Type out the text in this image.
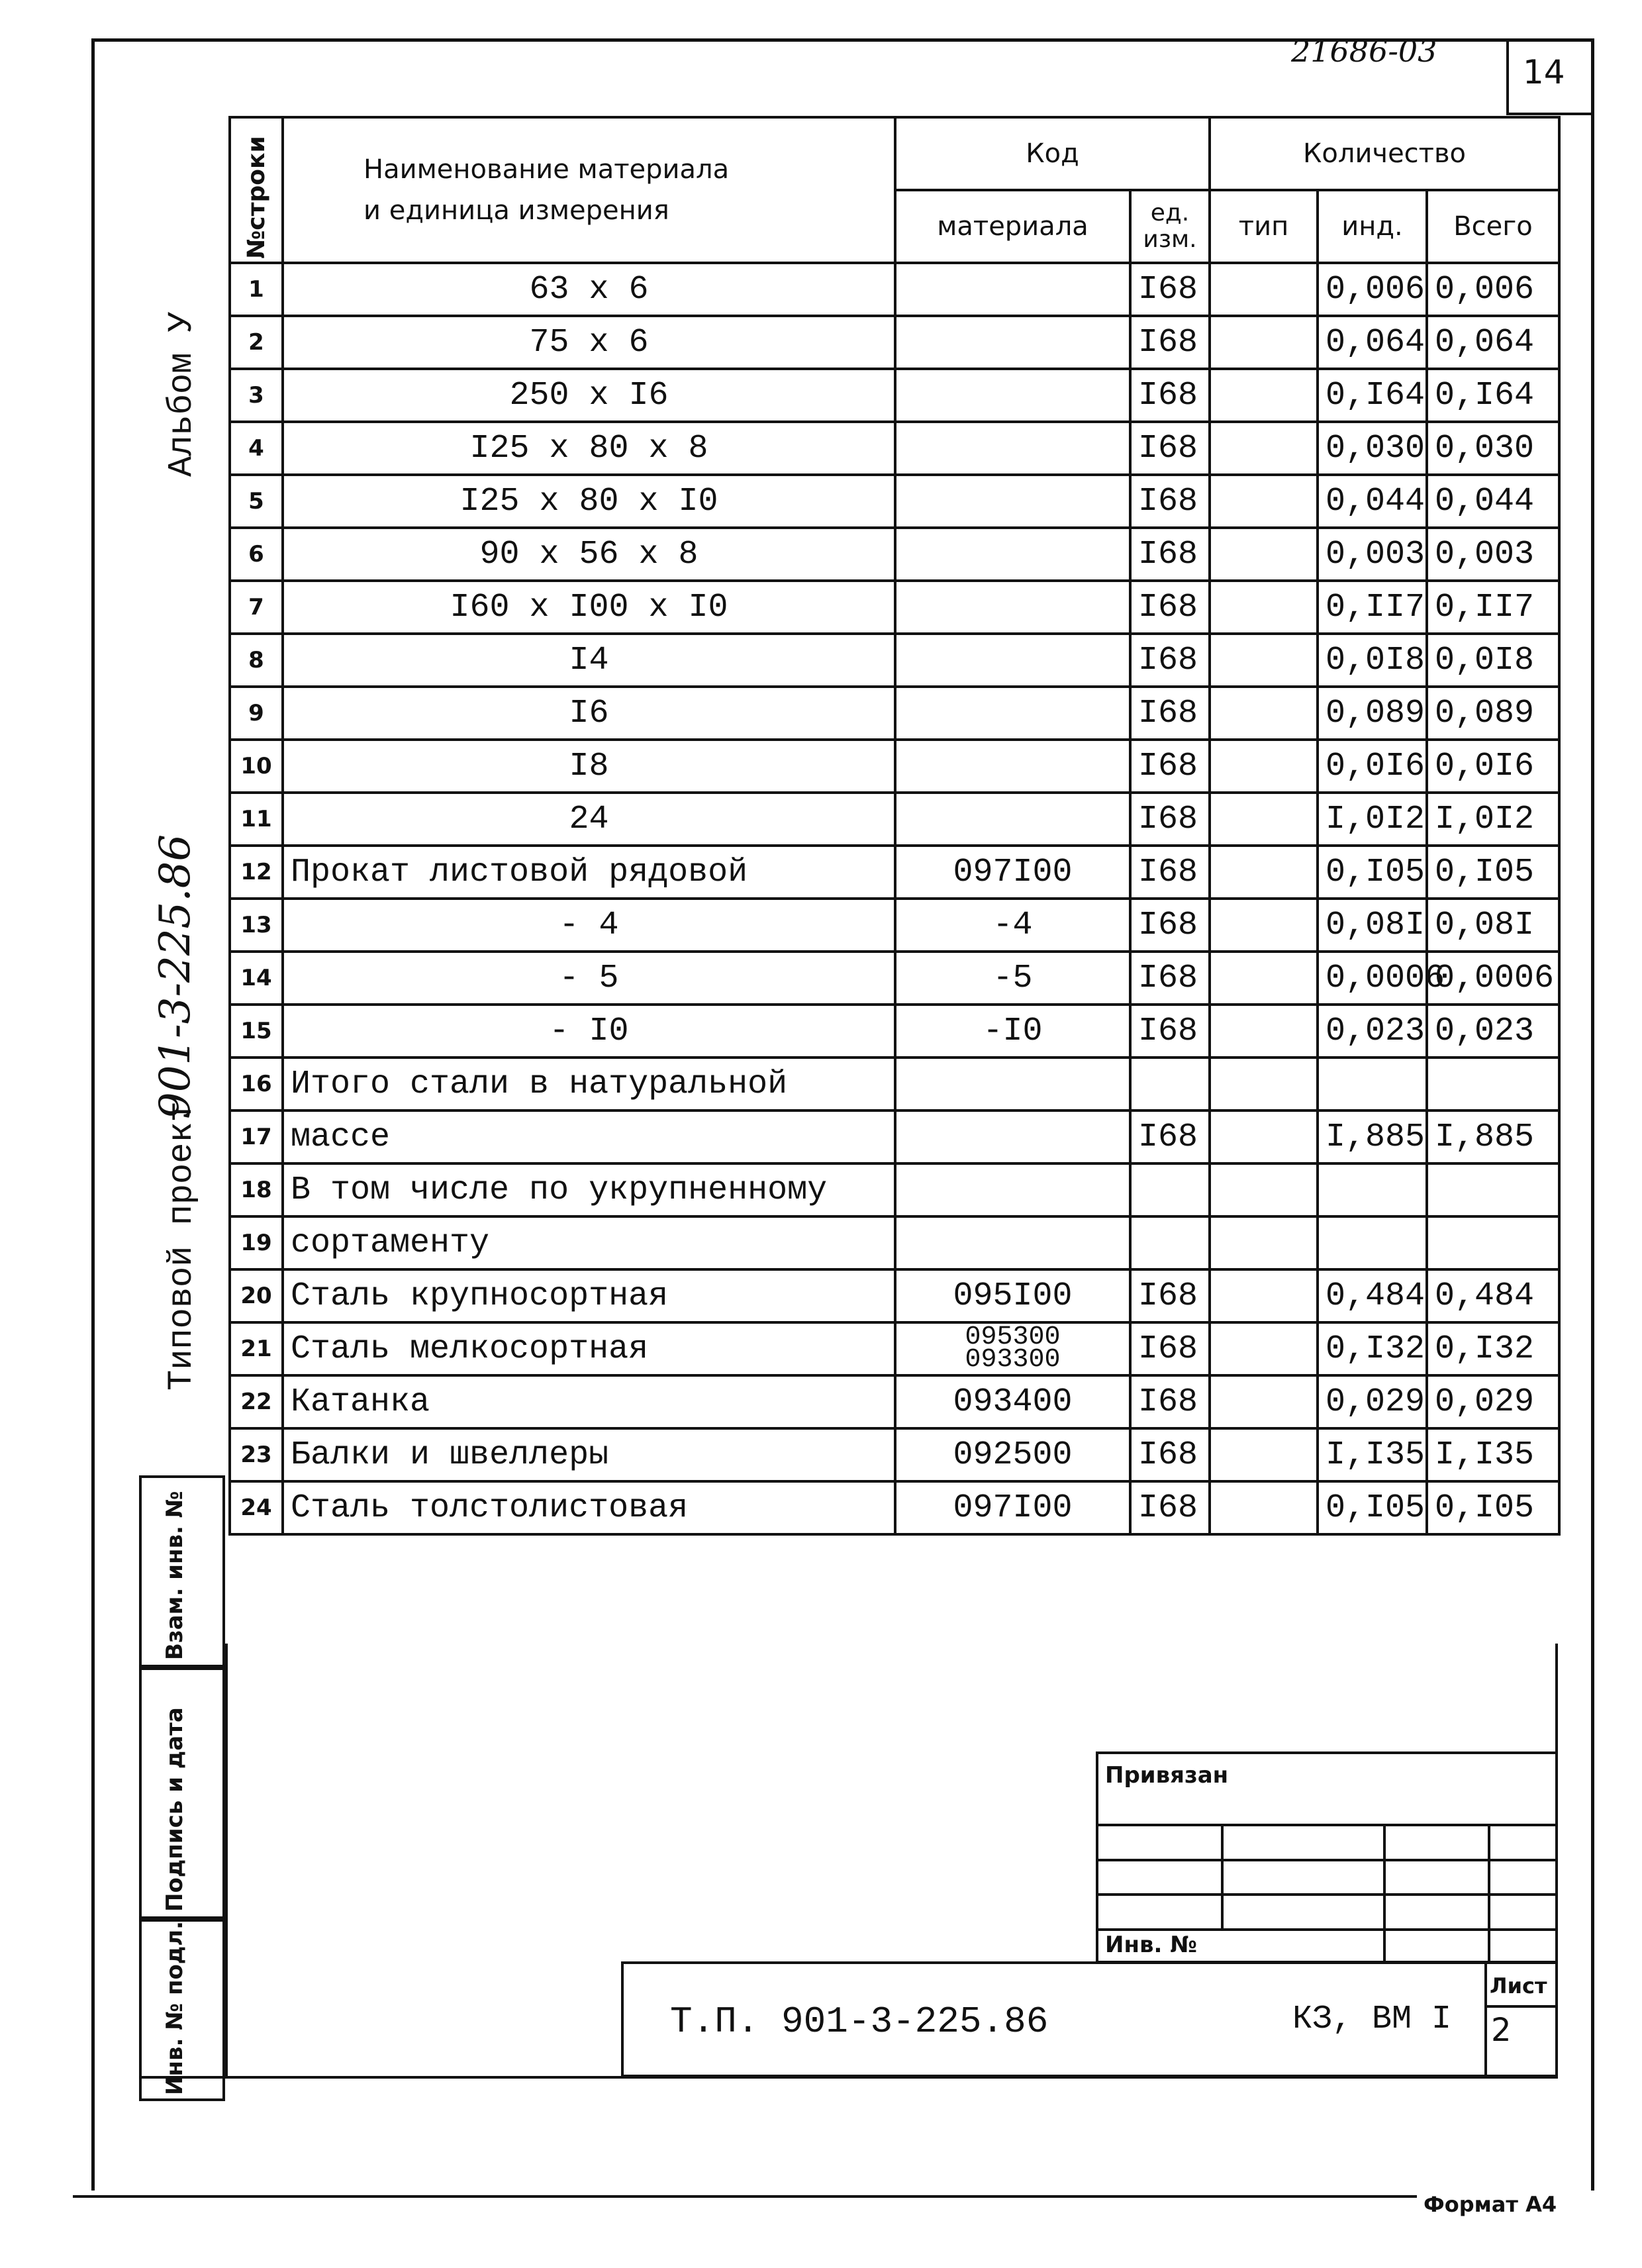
21686-03
14
Альбом У
Типовой проект
901-3-225.86
Взам. инв. №
Подпись и дата
Инв. № подл.
№строки	Наименование материала
и единица измерения	Код		Количество		
		материала	ед. изм.	тип	инд.	Всего
1	63 x 6		I68		0,006	0,006
2	75 x 6		I68		0,064	0,064
3	250 x I6		I68		0,I64	0,I64
4	I25 x 80 x 8		I68		0,030	0,030
5	I25 x 80 x I0		I68		0,044	0,044
6	90 x 56 x 8		I68		0,003	0,003
7	I60 x I00 x I0		I68		0,II7	0,II7
8	I4		I68		0,0I8	0,0I8
9	I6		I68		0,089	0,089
10	I8		I68		0,0I6	0,0I6
11	24		I68		I,0I2	I,0I2
12	Прокат листовой рядовой	097I00	I68		0,I05	0,I05
13	- 4	-4	I68		0,08I	0,08I
14	- 5	-5	I68		0,0006	0,0006
15	- I0	-I0	I68		0,023	0,023
16	Итого стали в натуральной					
17	массе		I68		I,885	I,885
18	В том числе по укрупненному					
19	сортаменту					
20	Сталь крупносортная	095I00	I68		0,484	0,484
21	Сталь мелкосортная	095300
093300	I68		0,I32	0,I32
22	Катанка	093400	I68		0,029	0,029
23	Балки и швеллеры	092500	I68		I,I35	I,I35
24	Сталь толстолистовая	097I00	I68		0,I05	0,I05
Привязан
Инв. №
Т.П. 901-3-225.86	КЗ, ВМ I
Лист
2
Формат А4
